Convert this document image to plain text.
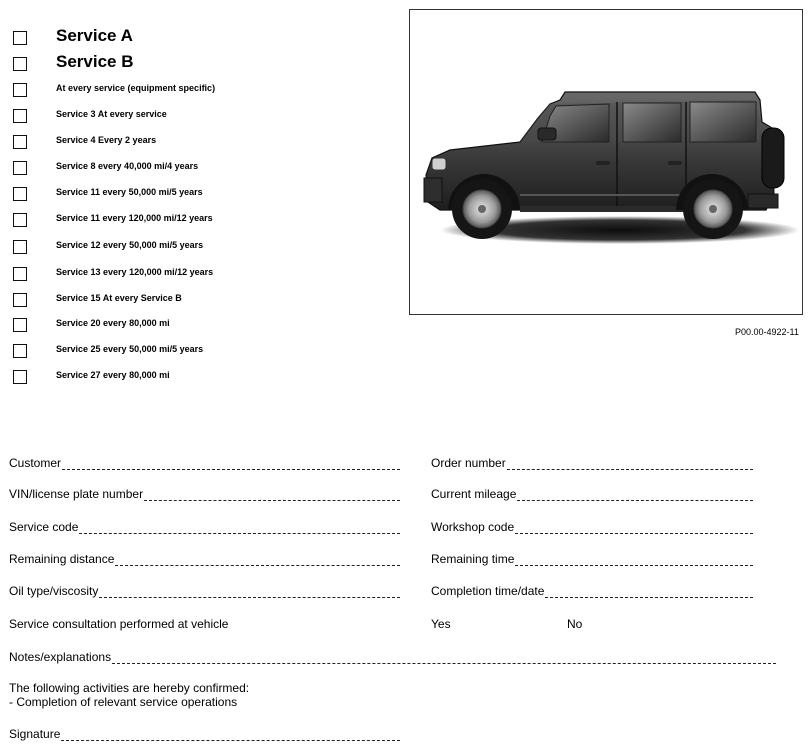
Service A
Service B
At every service (equipment specific)
Service 3 At every service
Service 4 Every 2 years
Service 8 every 40,000 mi/4 years
Service 11 every 50,000 mi/5 years
Service 11 every 120,000 mi/12 years
Service 12 every 50,000 mi/5 years
Service 13 every 120,000 mi/12 years
Service 15 At every Service B
Service 20 every 80,000 mi
Service 25 every 50,000 mi/5 years
Service 27 every 80,000 mi
P00.00-4922-11
Customer	Order number
VIN/license plate number	Current mileage
Service code	Workshop code
Remaining distance	Remaining time
Oil type/viscosity	Completion time/date
Service consultation performed at vehicle	Yes	No
Notes/explanations
The following activities are hereby confirmed:
- Completion of relevant service operations
Signature
